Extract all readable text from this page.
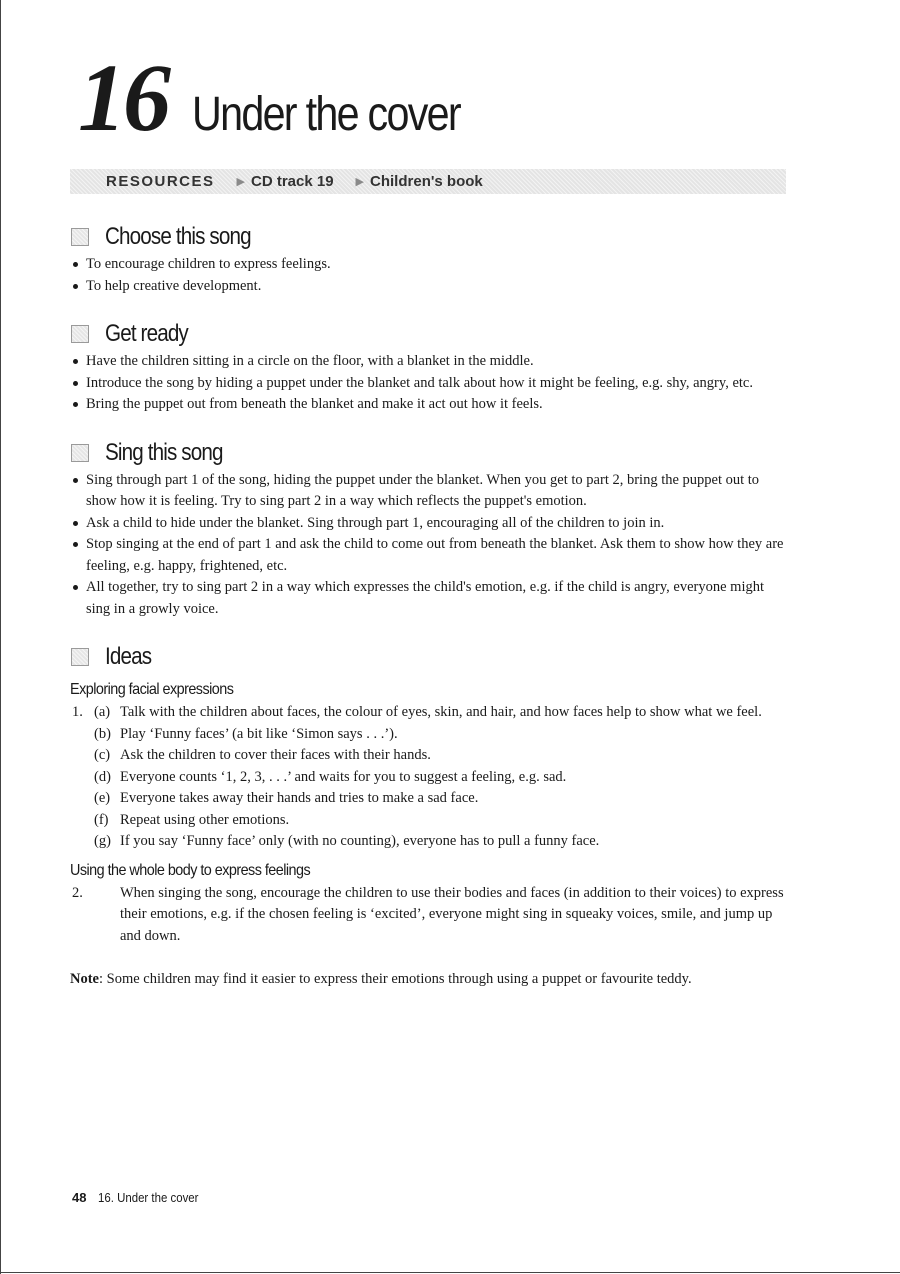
16 Under the cover
RESOURCES ▶ CD track 19 ▶ Children's book
Choose this song
To encourage children to express feelings.
To help creative development.
Get ready
Have the children sitting in a circle on the floor, with a blanket in the middle.
Introduce the song by hiding a puppet under the blanket and talk about how it might be feeling, e.g. shy, angry, etc.
Bring the puppet out from beneath the blanket and make it act out how it feels.
Sing this song
Sing through part 1 of the song, hiding the puppet under the blanket. When you get to part 2, bring the puppet out to show how it is feeling. Try to sing part 2 in a way which reflects the puppet's emotion.
Ask a child to hide under the blanket. Sing through part 1, encouraging all of the children to join in.
Stop singing at the end of part 1 and ask the child to come out from beneath the blanket. Ask them to show how they are feeling, e.g. happy, frightened, etc.
All together, try to sing part 2 in a way which expresses the child's emotion, e.g. if the child is angry, everyone might sing in a growly voice.
Ideas
Exploring facial expressions
1. (a) Talk with the children about faces, the colour of eyes, skin, and hair, and how faces help to show what we feel.
(b) Play ‘Funny faces’ (a bit like ‘Simon says . . .’).
(c) Ask the children to cover their faces with their hands.
(d) Everyone counts ‘1, 2, 3, . . .’ and waits for you to suggest a feeling, e.g. sad.
(e) Everyone takes away their hands and tries to make a sad face.
(f) Repeat using other emotions.
(g) If you say ‘Funny face’ only (with no counting), everyone has to pull a funny face.
Using the whole body to express feelings
2.	When singing the song, encourage the children to use their bodies and faces (in addition to their voices) to express their emotions, e.g. if the chosen feeling is ‘excited’, everyone might sing in squeaky voices, smile, and jump up and down.
Note: Some children may find it easier to express their emotions through using a puppet or favourite teddy.
48 16. Under the cover
